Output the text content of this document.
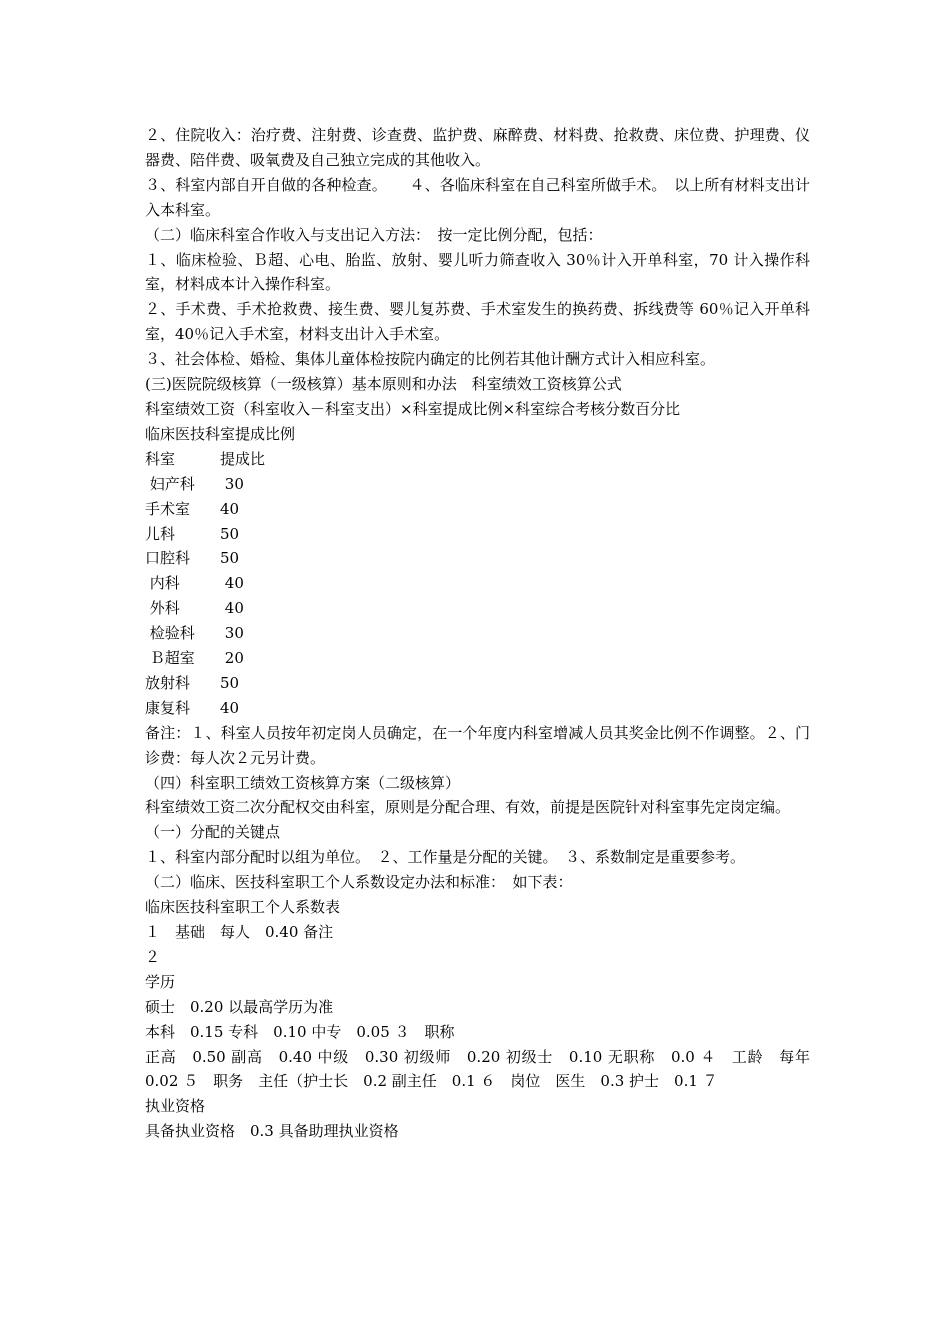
２、住院收入：治疗费、注射费、诊查费、监护费、麻醉费、材料费、抢救费、床位费、护理费、仪器费、陪伴费、吸氧费及自己独立完成的其他收入。

３、科室内部自开自做的各种检查。　　４、各临床科室在自己科室所做手术。　以上所有材料支出计入本科室。

（二）临床科室合作收入与支出记入方法：　按一定比例分配，包括：

１、临床检验、Ｂ超、心电、胎监、放射、婴儿听力筛查收入 30％计入开单科室，70 计入操作科室，材料成本计入操作科室。

２、手术费、手术抢救费、接生费、婴儿复苏费、手术室发生的换药费、拆线费等 60％记入开单科室，40％记入手术室，材料支出计入手术室。

３、社会体检、婚检、集体儿童体检按院内确定的比例若其他计酬方式计入相应科室。

(三)医院院级核算（一级核算）基本原则和办法　科室绩效工资核算公式

科室绩效工资（科室收入－科室支出）×科室提成比例×科室综合考核分数百分比

临床医技科室提成比例

科室　　　提成比

妇产科　　30

手术室　　40

儿科　　　50

口腔科　　50

内科　　　40

外科　　　40

检验科　　30

Ｂ超室　　20

放射科　　50

康复科　　40

备注：１、科室人员按年初定岗人员确定，在一个年度内科室增减人员其奖金比例不作调整。２、门诊费：每人次２元另计费。

（四）科室职工绩效工资核算方案（二级核算）

科室绩效工资二次分配权交由科室，原则是分配合理、有效，前提是医院针对科室事先定岗定编。

（一）分配的关键点

１、科室内部分配时以组为单位。　２、工作量是分配的关键。　３、系数制定是重要参考。

（二）临床、医技科室职工个人系数设定办法和标准：　如下表：

临床医技科室职工个人系数表

１　基础　每人　0.40 备注

２

学历

硕士　0.20 以最高学历为准

本科　0.15 专科　0.10 中专　0.05 ３　职称

正高　0.50 副高　0.40 中级　0.30 初级师　0.20 初级士　0.10 无职称　0.0 ４　工龄　每年　0.02 ５　职务　主任（护士长　0.2 副主任　0.1 ６　岗位　医生　0.3 护士　0.1 ７

执业资格

具备执业资格　0.3 具备助理执业资格
